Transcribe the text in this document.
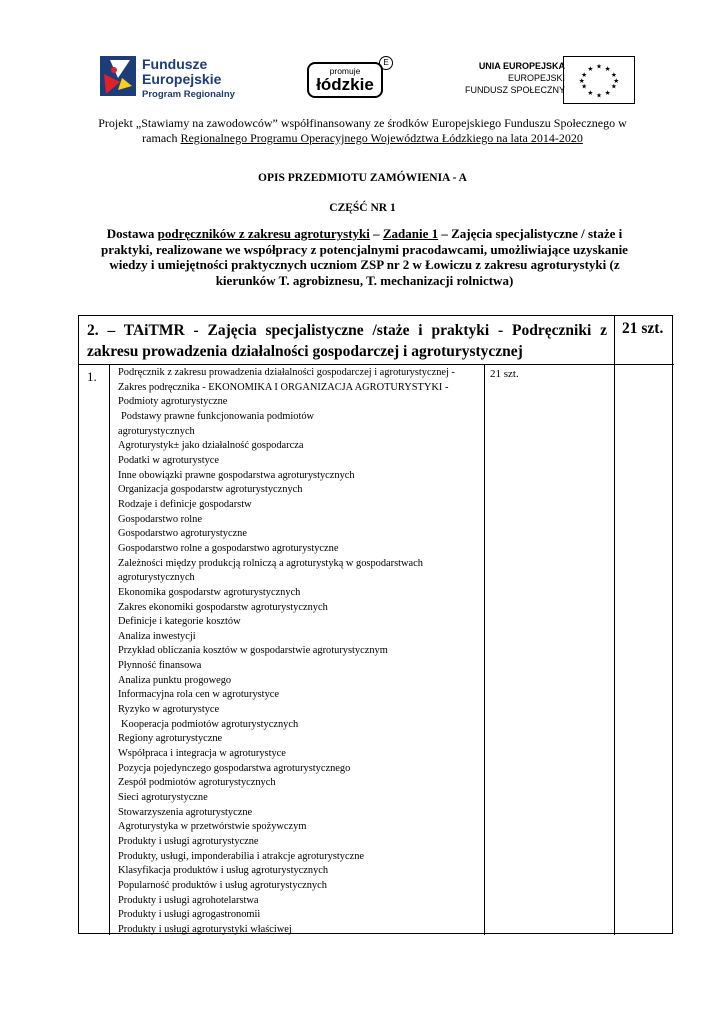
Fundusze
Europejskie
Program Regionalny
promuje
łódzkie
E	UNIA EUROPEJSKA
EUROPEJSKI
FUNDUSZ SPOŁECZNY
★ ★
★
★
★
★
★
★
★
★
★
★
Projekt „Stawiamy na zawodowców” współfinansowany ze środków Europejskiego Funduszu Społecznego w
ramach Regionalnego Programu Operacyjnego Województwa Łódzkiego na lata 2014-2020
OPIS PRZEDMIOTU ZAMÓWIENIA - A
CZĘŚĆ NR 1
Dostawa podręczników z zakresu agroturystyki – Zadanie 1 – Zajęcia specjalistyczne / staże i praktyki, realizowane we współpracy z potencjalnymi pracodawcami, umożliwiające uzyskanie wiedzy i umiejętności praktycznych uczniom ZSP nr 2 w Łowiczu z zakresu agroturystyki (z kierunków T. agrobiznesu, T. mechanizacji rolnictwa)
2. – TAiTMR - Zajęcia specjalistyczne /staże i praktyki - Podręczniki z zakresu prowadzenia działalności gospodarczej i agroturystycznej
21 szt.
1. Podręcznik z zakresu prowadzenia działalności gospodarczej i agroturystycznej -
Zakres podręcznika - EKONOMIKA I ORGANIZACJA AGROTURYSTYKI -
Podmioty agroturystyczne
Podstawy prawne funkcjonowania podmiotów
agroturystycznych
Agroturystyk± jako działalność gospodarcza
Podatki w agroturystyce
Inne obowiązki prawne gospodarstwa agroturystycznych
Organizacja gospodarstw agroturystycznych
Rodzaje i definicje gospodarstw
Gospodarstwo rolne
Gospodarstwo agroturystyczne
Gospodarstwo rolne a gospodarstwo agroturystyczne
Zależności między produkcją rolniczą a agroturystyką w gospodarstwach
agroturystycznych
Ekonomika gospodarstw agroturystycznych
Zakres ekonomiki gospodarstw agroturystycznych
Definicje i kategorie kosztów
Analiza inwestycji
Przykład obliczania kosztów w gospodarstwie agroturystycznym
Płynność finansowa
Analiza punktu progowego
Informacyjna rola cen w agroturystyce
Ryzyko w agroturystyce
Kooperacja podmiotów agroturystycznych
Regiony agroturystyczne
Współpraca i integracja w agroturystyce
Pozycja pojedynczego gospodarstwa agroturystycznego
Zespół podmiotów agroturystycznych
Sieci agroturystyczne
Stowarzyszenia agroturystyczne
Agroturystyka w przetwórstwie spożywczym
Produkty i usługi agroturystyczne
Produkty, usługi, imponderabilia i atrakcje agroturystyczne
Klasyfikacja produktów i usług agroturystycznych
Popularność produktów i usług agroturystycznych
Produkty i usługi agrohotelarstwa
Produkty i usługi agrogastronomii
Produkty i usługi agroturystyki właściwej
21 szt.
